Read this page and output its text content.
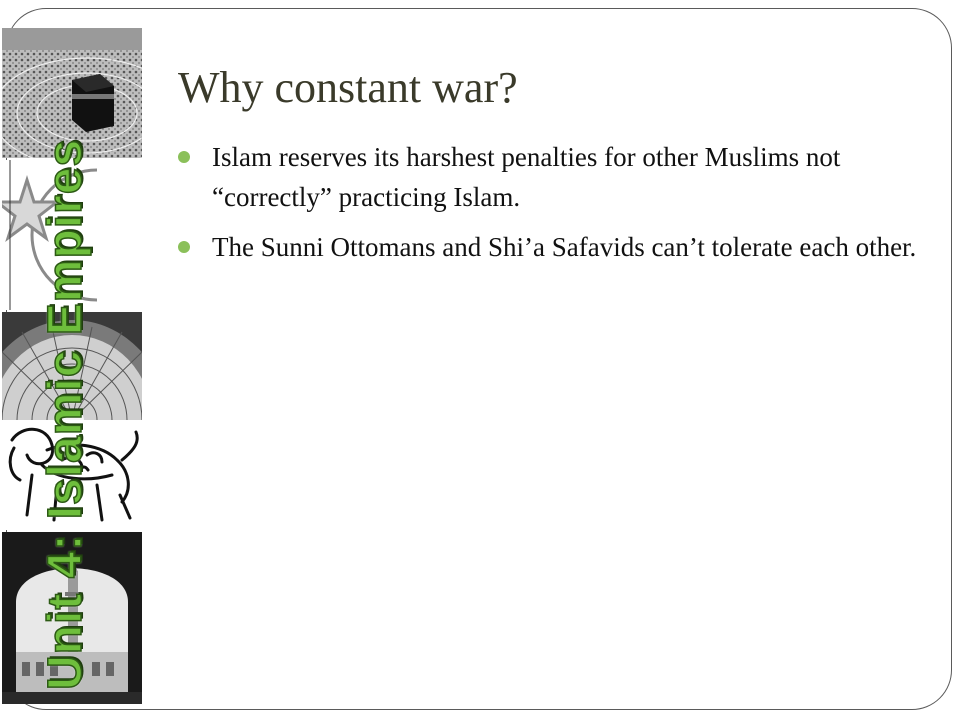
Unit 4: Islamic Empires
Why constant war?
Islam reserves its harshest penalties for other Muslims not “correctly” practicing Islam.
The Sunni Ottomans and Shi’a Safavids can’t tolerate each other.
